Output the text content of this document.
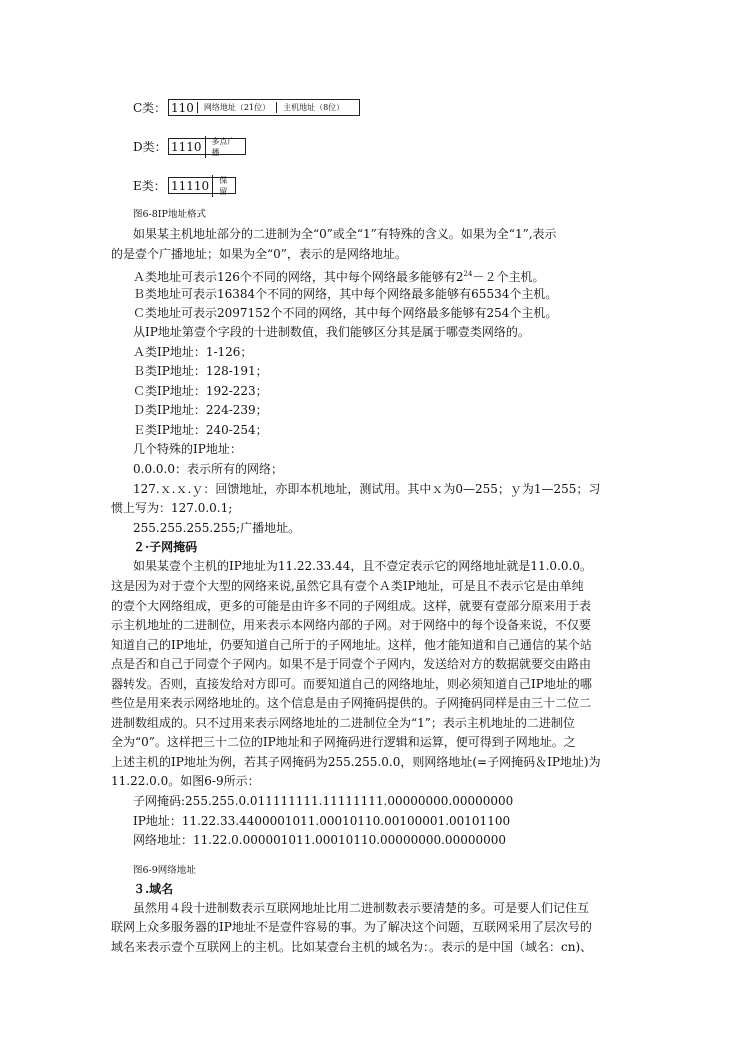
C类： 110	网络地址（21位）	主机地址（8位）
D类： 1110	多点广播
E类： 11110	保留
图6-8IP地址格式
如果某主机地址部分的二进制为全“0”或全“1”有特殊的含义。如果为全“1”,表示
的是壹个广播地址；如果为全“0”，表示的是网络地址。
Ａ类地址可表示126个不同的网络，其中每个网络最多能够有$2^{24}-2$个主机。
Ｂ类地址可表示16384个不同的网络，其中每个网络最多能够有65534个主机。
Ｃ类地址可表示2097152个不同的网络，其中每个网络最多能够有254个主机。
从IP地址第壹个字段的十进制数值，我们能够区分其是属于哪壹类网络的。
Ａ类IP地址：1-126；
Ｂ类IP地址：128-191；
Ｃ类IP地址：192-223；
Ｄ类IP地址：224-239；
Ｅ类IP地址：240-254；
几个特殊的IP地址：
0.0.0.0：表示所有的网络；
127.ｘ.ｘ.ｙ：回馈地址，亦即本机地址，测试用。其中ｘ为0—255；ｙ为1—255；习
惯上写为：127.0.0.1;
255.255.255.255;广播地址。
２·子网掩码
如果某壹个主机的IP地址为11.22.33.44，且不壹定表示它的网络地址就是11.0.0.0。
这是因为对于壹个大型的网络来说,虽然它具有壹个Ａ类IP地址，可是且不表示它是由单纯
的壹个大网络组成，更多的可能是由许多不同的子网组成。这样，就要有壹部分原来用于表
示主机地址的二进制位，用来表示本网络内部的子网。对于网络中的每个设备来说，不仅要
知道自己的IP地址，仍要知道自己所于的子网地址。这样，他才能知道和自己通信的某个站
点是否和自己于同壹个子网内。如果不是于同壹个子网内，发送给对方的数据就要交由路由
器转发。否则，直接发给对方即可。而要知道自己的网络地址，则必须知道自己IP地址的哪
些位是用来表示网络地址的。这个信息是由子网掩码提供的。子网掩码同样是由三十二位二
进制数组成的。只不过用来表示网络地址的二进制位全为“1”；表示主机地址的二进制位
全为“0”。这样把三十二位的IP地址和子网掩码进行逻辑和运算，便可得到子网地址。之
上述主机的IP地址为例，若其子网掩码为255.255.0.0，则网络地址(=子网掩码＆IP地址)为
11.22.0.0。如图6-9所示：
子网掩码:255.255.0.011111111.11111111.00000000.00000000
IP地址：11.22.33.4400001011.00010110.00100001.00101100
网络地址：11.22.0.000001011.00010110.00000000.00000000
图6-9网络地址
３.域名
虽然用４段十进制数表示互联网地址比用二进制数表示要清楚的多。可是要人们记住互
联网上众多服务器的IP地址不是壹件容易的事。为了解决这个问题，互联网采用了层次号的
域名来表示壹个互联网上的主机。比如某壹台主机的域名为：。表示的是中国（域名：cn)、
